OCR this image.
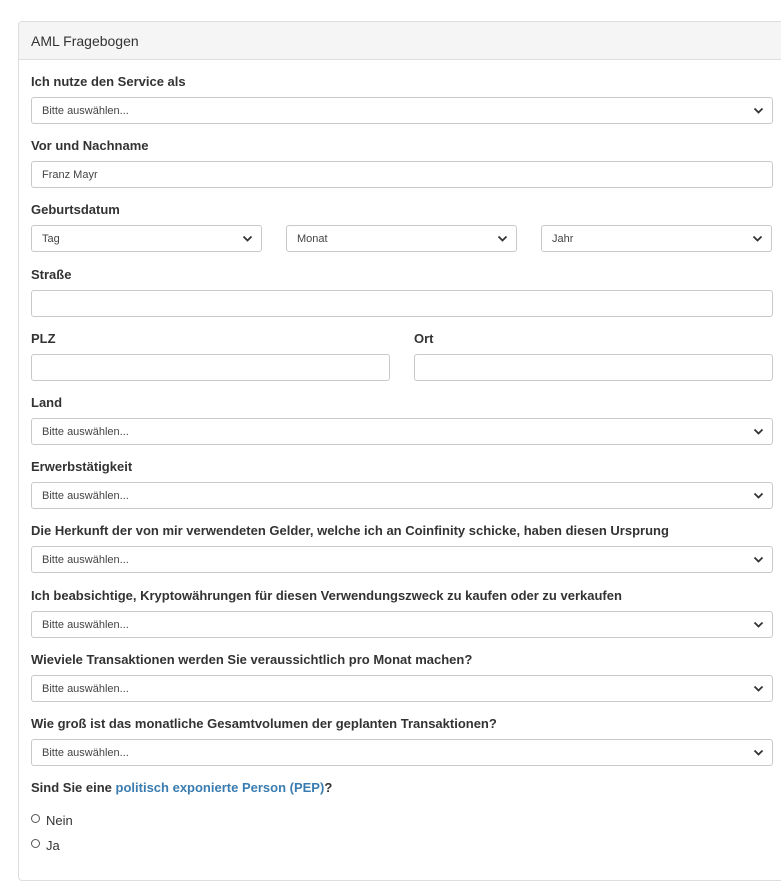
AML Fragebogen
Ich nutze den Service als
Bitte auswählen...
Vor und Nachname
Franz Mayr
Geburtsdatum
Tag	Monat	Jahr
Straße
PLZ	Ort
Land
Bitte auswählen...
Erwerbstätigkeit
Bitte auswählen...
Die Herkunft der von mir verwendeten Gelder, welche ich an Coinfinity schicke, haben diesen Ursprung
Bitte auswählen...
Ich beabsichtige, Kryptowährungen für diesen Verwendungszweck zu kaufen oder zu verkaufen
Bitte auswählen...
Wieviele Transaktionen werden Sie veraussichtlich pro Monat machen?
Bitte auswählen...
Wie groß ist das monatliche Gesamtvolumen der geplanten Transaktionen?
Bitte auswählen...
Sind Sie eine politisch exponierte Person (PEP)?
Nein
Ja
